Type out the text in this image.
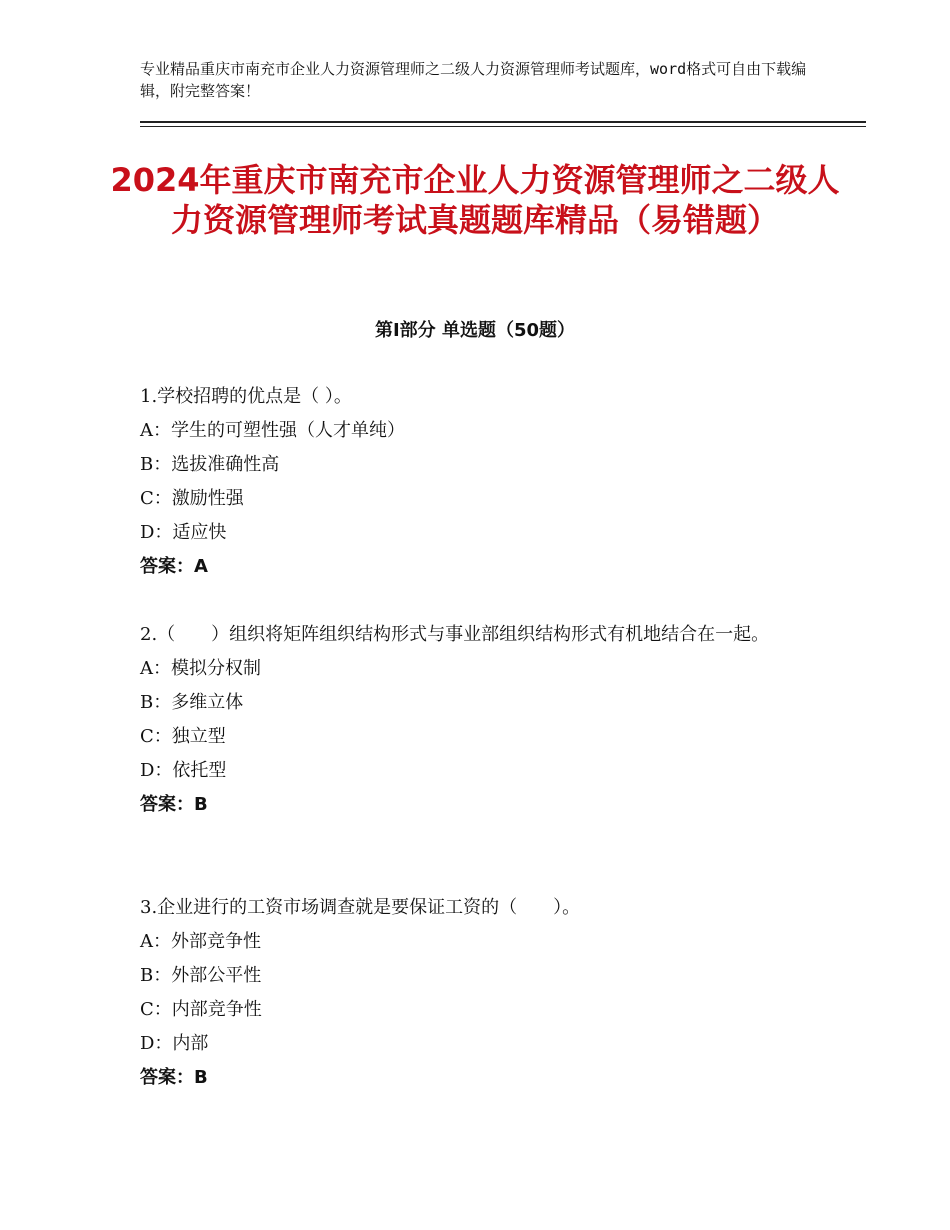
专业精品重庆市南充市企业人力资源管理师之二级人力资源管理师考试题库，word格式可自由下载编辑，附完整答案！
2024年重庆市南充市企业人力资源管理师之二级人力资源管理师考试真题题库精品（易错题）
第Ⅰ部分 单选题（50题）
1.学校招聘的优点是（ ）。
A：学生的可塑性强（人才单纯）
B：选拔准确性高
C：激励性强
D：适应快
答案：A
2.（　　）组织将矩阵组织结构形式与事业部组织结构形式有机地结合在一起。
A：模拟分权制
B：多维立体
C：独立型
D：依托型
答案：B
3.企业进行的工资市场调查就是要保证工资的（　　）。
A：外部竞争性
B：外部公平性
C：内部竞争性
D：内部
答案：B
